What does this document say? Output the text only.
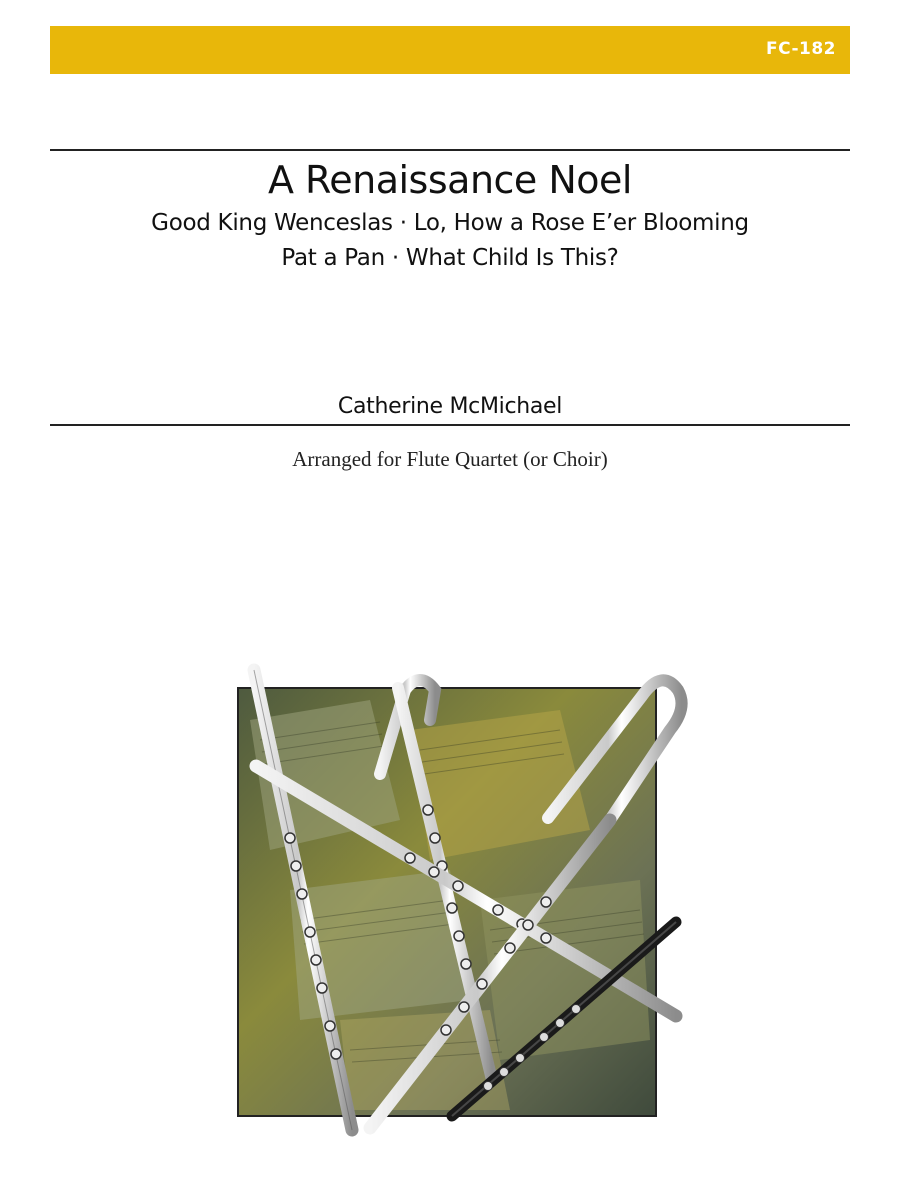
FC-182
A Renaissance Noel
Good King Wenceslas · Lo, How a Rose E’er Blooming
Pat a Pan · What Child Is This?
Catherine McMichael
Arranged for Flute Quartet (or Choir)
